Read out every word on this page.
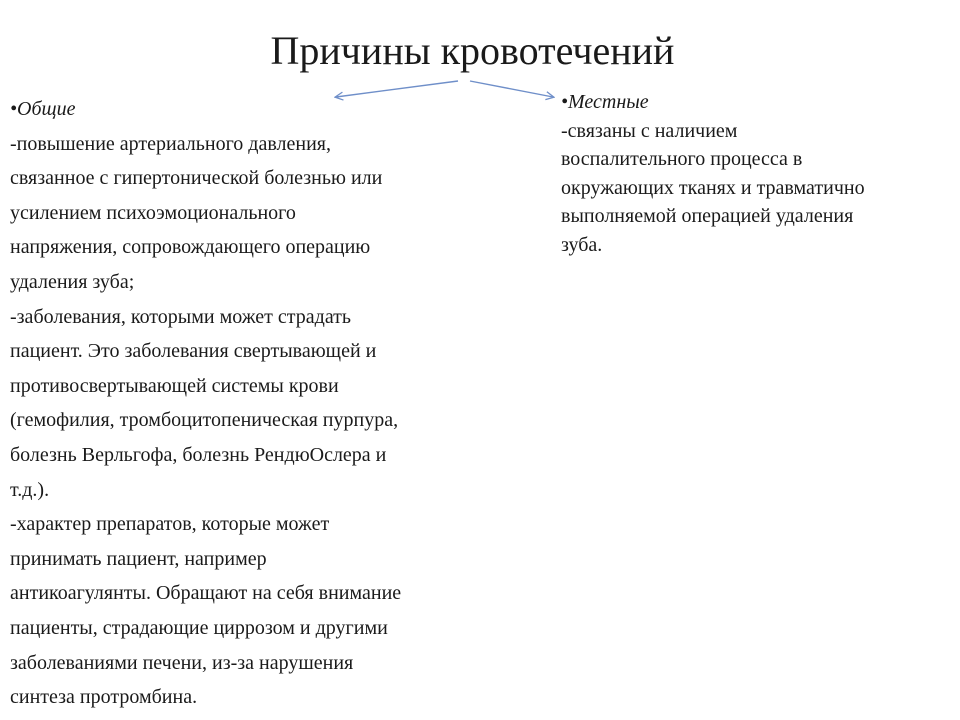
Причины кровотечений
•Общие
-повышение артериального давления,
связанное с гипертонической болезнью или
усилением психоэмоционального
напряжения, сопровождающего операцию
удаления зуба;
-заболевания, которыми может страдать
пациент. Это заболевания свертывающей и
противосвертывающей системы крови
(гемофилия, тромбоцитопеническая пурпура,
болезнь Верльгофа, болезнь РендюОслера и
т.д.).
-характер препаратов, которые может
принимать пациент, например
антикоагулянты. Обращают на себя внимание
пациенты, страдающие циррозом и другими
заболеваниями печени, из-за нарушения
синтеза протромбина.
•Местные
-связаны с наличием
воспалительного процесса в
окружающих тканях и травматично
выполняемой операцией удаления
зуба.
